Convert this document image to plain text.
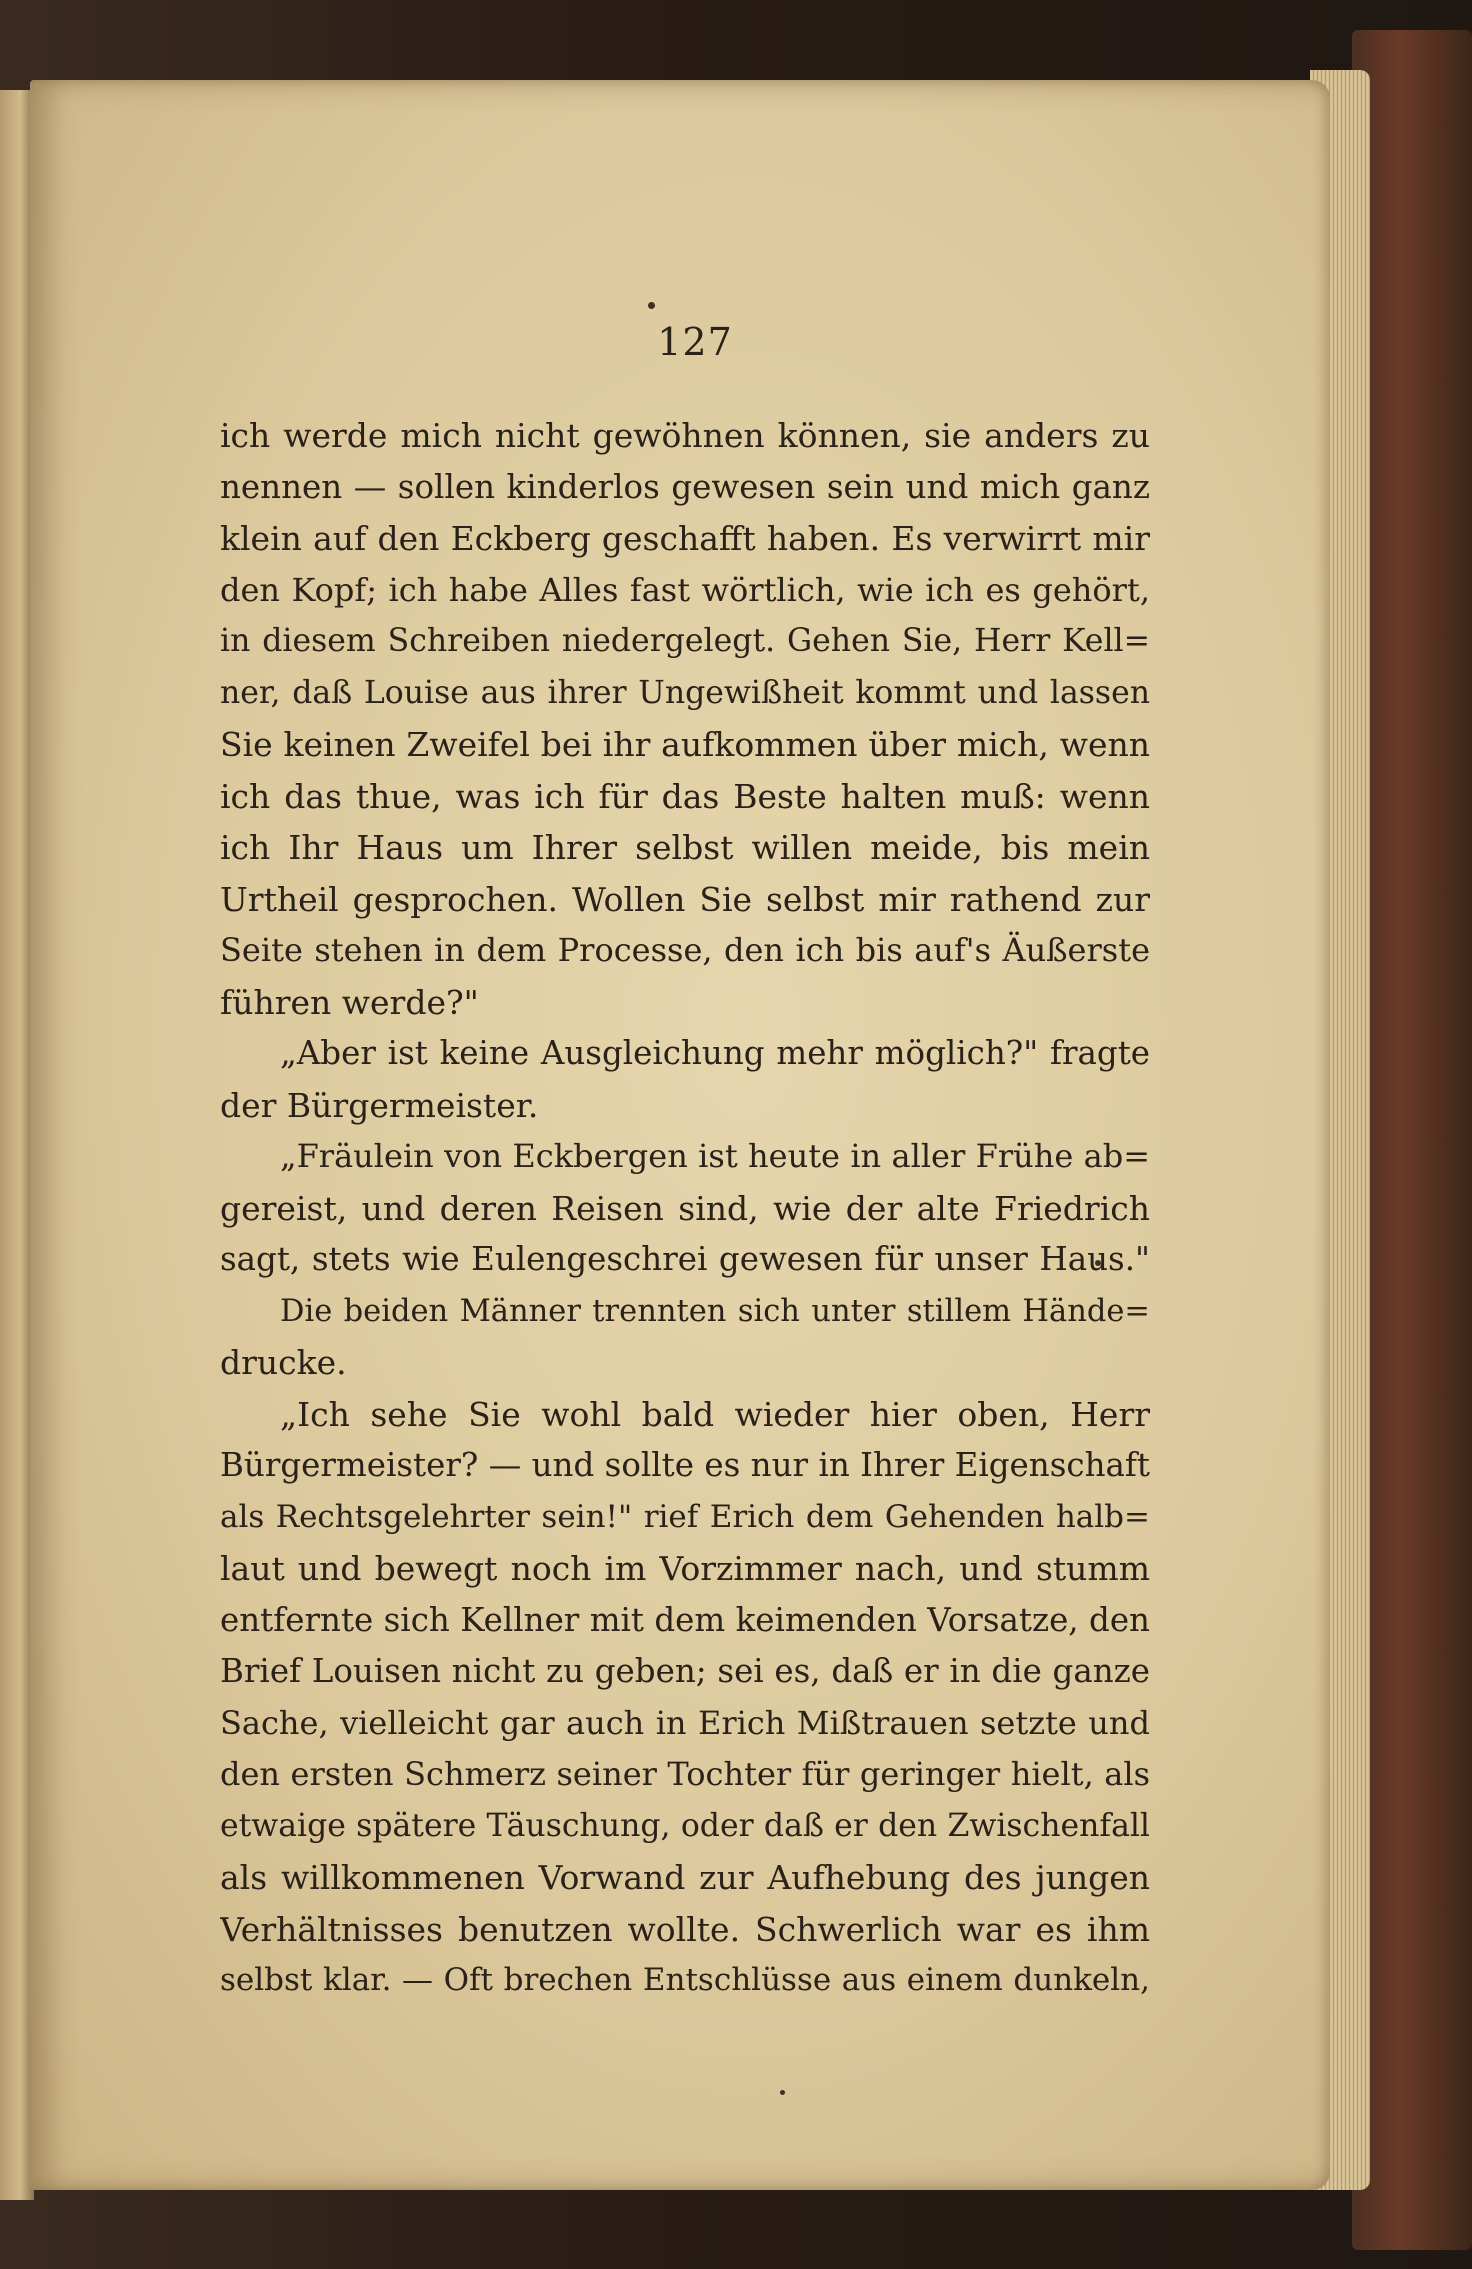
127
ich werde mich nicht gewöhnen können, sie anders zu
nennen — sollen kinderlos gewesen sein und mich ganz
klein auf den Eckberg geschafft haben. Es verwirrt mir
den Kopf; ich habe Alles fast wörtlich, wie ich es gehört,
in diesem Schreiben niedergelegt. Gehen Sie, Herr Kell=
ner, daß Louise aus ihrer Ungewißheit kommt und lassen
Sie keinen Zweifel bei ihr aufkommen über mich, wenn
ich das thue, was ich für das Beste halten muß: wenn
ich Ihr Haus um Ihrer selbst willen meide, bis mein
Urtheil gesprochen. Wollen Sie selbst mir rathend zur
Seite stehen in dem Processe, den ich bis auf's Äußerste
führen werde?"
„Aber ist keine Ausgleichung mehr möglich?" fragte
der Bürgermeister.
„Fräulein von Eckbergen ist heute in aller Frühe ab=
gereist, und deren Reisen sind, wie der alte Friedrich
sagt, stets wie Eulengeschrei gewesen für unser Haus."
Die beiden Männer trennten sich unter stillem Hände=
drucke.
„Ich sehe Sie wohl bald wieder hier oben, Herr
Bürgermeister? — und sollte es nur in Ihrer Eigenschaft
als Rechtsgelehrter sein!" rief Erich dem Gehenden halb=
laut und bewegt noch im Vorzimmer nach, und stumm
entfernte sich Kellner mit dem keimenden Vorsatze, den
Brief Louisen nicht zu geben; sei es, daß er in die ganze
Sache, vielleicht gar auch in Erich Mißtrauen setzte und
den ersten Schmerz seiner Tochter für geringer hielt, als
etwaige spätere Täuschung, oder daß er den Zwischenfall
als willkommenen Vorwand zur Aufhebung des jungen
Verhältnisses benutzen wollte. Schwerlich war es ihm
selbst klar. — Oft brechen Entschlüsse aus einem dunkeln,
